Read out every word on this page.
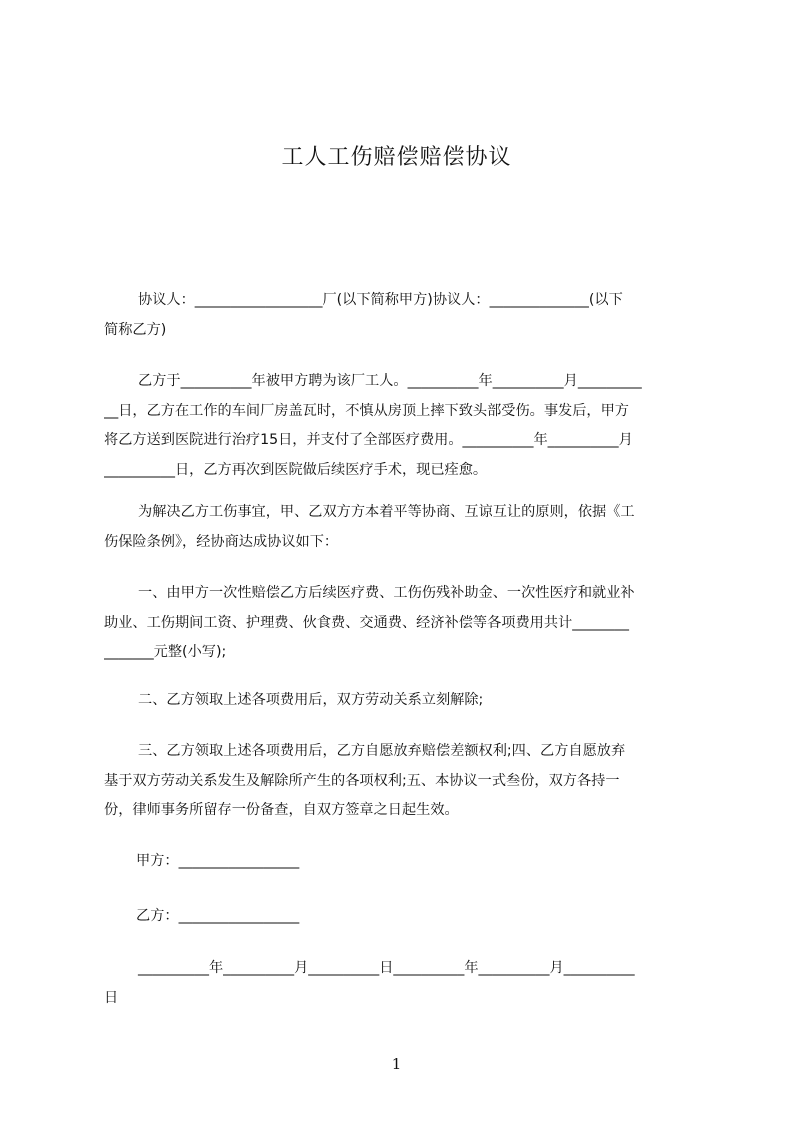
工人工伤赔偿赔偿协议
协议人：__________________厂(以下简称甲方)协议人：______________(以下
简称乙方)
乙方于__________年被甲方聘为该厂工人。__________年__________月_________
__日，乙方在工作的车间厂房盖瓦时，不慎从房顶上摔下致头部受伤。事发后，甲方
将乙方送到医院进行治疗15日，并支付了全部医疗费用。__________年__________月
__________日，乙方再次到医院做后续医疗手术，现已痊愈。
为解决乙方工伤事宜，甲、乙双方方本着平等协商、互谅互让的原则，依据《工
伤保险条例》，经协商达成协议如下：
一、由甲方一次性赔偿乙方后续医疗费、工伤伤残补助金、一次性医疗和就业补
助业、工伤期间工资、护理费、伙食费、交通费、经济补偿等各项费用共计________
_______元整(小写);
二、乙方领取上述各项费用后，双方劳动关系立刻解除;
三、乙方领取上述各项费用后，乙方自愿放弃赔偿差额权利;四、乙方自愿放弃
基于双方劳动关系发生及解除所产生的各项权利;五、本协议一式叁份，双方各持一
份，律师事务所留存一份备查，自双方签章之日起生效。
甲方：_________________
乙方：_________________
__________年__________月__________日__________年__________月__________
日
1
